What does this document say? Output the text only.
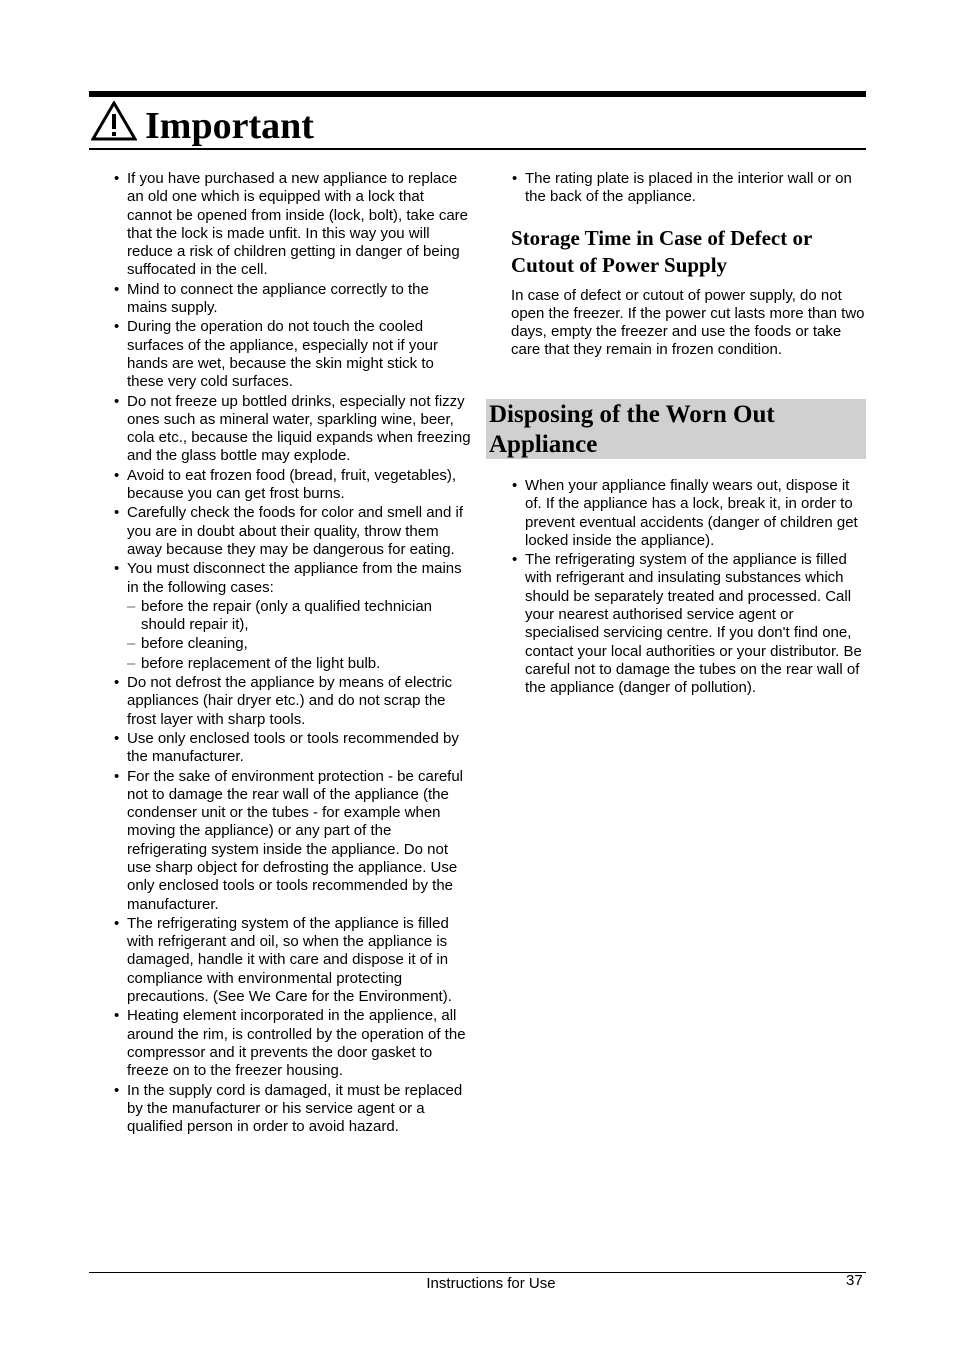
Important
• If you have purchased a new appliance to replace an old one which is equipped with a lock that cannot be opened from inside (lock, bolt), take care that the lock is made unfit. In this way you will reduce a risk of children getting in danger of being suffocated in the cell.
• Mind to connect the appliance correctly to the mains supply.
• During the operation do not touch the cooled surfaces of the appliance, especially not if your hands are wet, because the skin might stick to these very cold surfaces.
• Do not freeze up bottled drinks, especially not fizzy ones such as mineral water, sparkling wine, beer, cola etc., because the liquid expands when freezing and the glass bottle may explode.
• Avoid to eat frozen food (bread, fruit, vegetables), because you can get frost burns.
• Carefully check the foods for color and smell and if you are in doubt about their quality, throw them away because they may be dangerous for eating.
• You must disconnect the appliance from the mains in the following cases:
– before the repair (only a qualified technician should repair it),
– before cleaning,
– before replacement of the light bulb.
• Do not defrost the appliance by means of electric appliances (hair dryer etc.) and do not scrap the frost layer with sharp tools.
• Use only enclosed tools or tools recommended by the manufacturer.
• For the sake of environment protection - be careful not to damage the rear wall of the appliance (the condenser unit or the tubes - for example when moving the appliance) or any part of the refrigerating system inside the appliance. Do not use sharp object for defrosting the appliance. Use only enclosed tools or tools recommended by the manufacturer.
• The refrigerating system of the appliance is filled with refrigerant and oil, so when the appliance is damaged, handle it with care and dispose it of in compliance with environmental protecting precautions. (See We Care for the Environment).
• Heating element incorporated in the applience, all around the rim, is controlled by the operation of the compressor and it prevents the door gasket to freeze on to the freezer housing.
• In the supply cord is damaged, it must be replaced by the manufacturer or his service agent or a qualified person in order to avoid hazard.
• The rating plate is placed in the interior wall or on the back of the appliance.
Storage Time in Case of Defect or Cutout of Power Supply

In case of defect or cutout of power supply, do not open the freezer. If the power cut lasts more than two days, empty the freezer and use the foods or take care that they remain in frozen condition.

Disposing of the Worn Out Appliance
• When your appliance finally wears out, dispose it of. If the appliance has a lock, break it, in order to prevent eventual accidents (danger of children get locked inside the appliance).
• The refrigerating system of the appliance is filled with refrigerant and insulating substances which should be separately treated and processed. Call your nearest authorised service agent or specialised servicing centre. If you don't find one, contact your local authorities or your distributor. Be careful not to damage the tubes on the rear wall of the appliance (danger of pollution).
Instructions for Use	37
